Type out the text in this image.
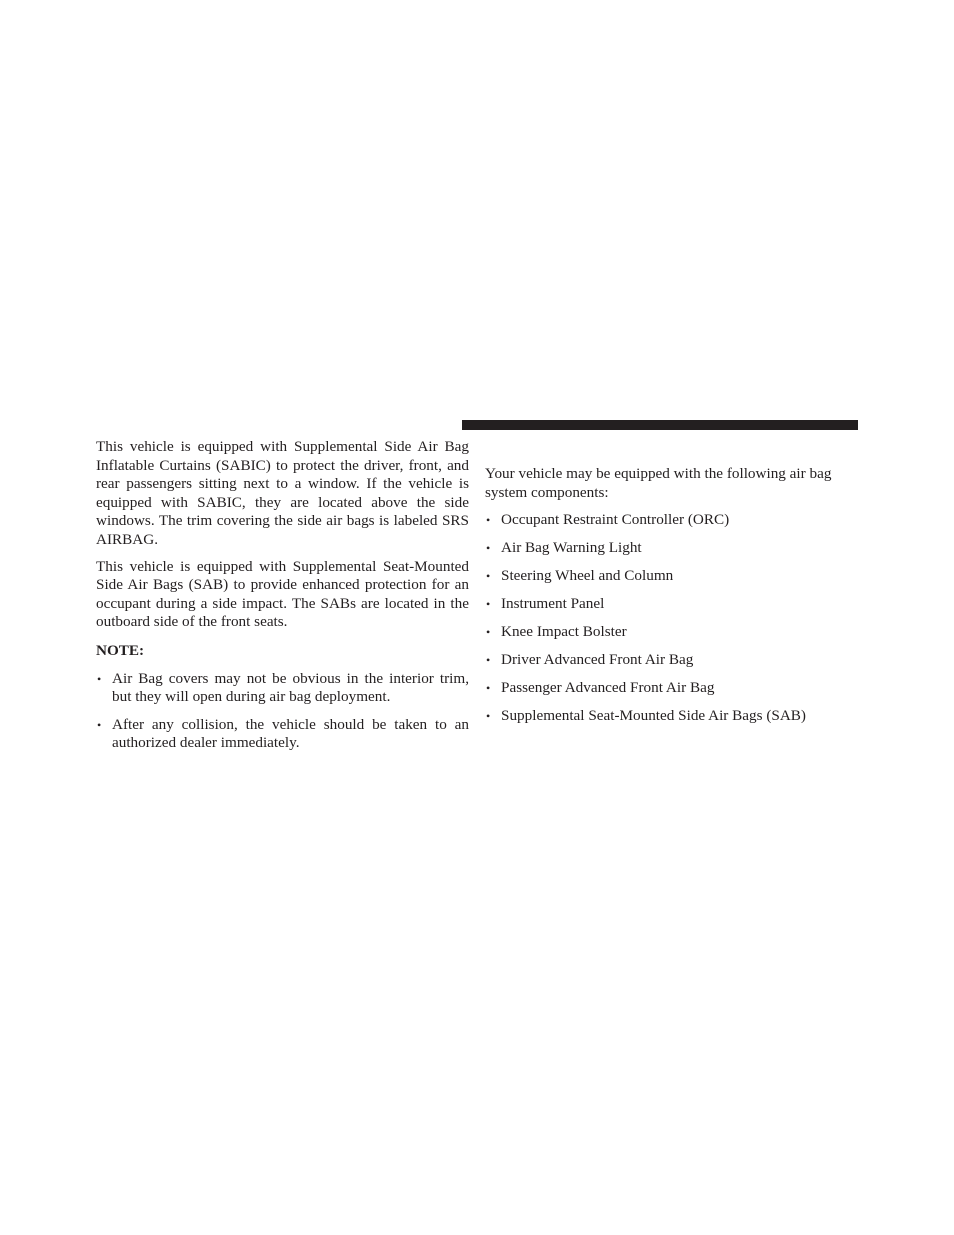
This vehicle is equipped with Supplemental Side Air Bag Inflatable Curtains (SABIC) to protect the driver, front, and rear passengers sitting next to a window. If the vehicle is equipped with SABIC, they are located above the side windows. The trim covering the side air bags is labeled SRS AIRBAG.

This vehicle is equipped with Supplemental Seat-Mounted Side Air Bags (SAB) to provide enhanced protection for an occupant during a side impact. The SABs are located in the outboard side of the front seats.

NOTE:

• Air Bag covers may not be obvious in the interior trim, but they will open during air bag deployment.
• After any collision, the vehicle should be taken to an authorized dealer immediately.

Your vehicle may be equipped with the following air bag system components:

• Occupant Restraint Controller (ORC)
• Air Bag Warning Light
• Steering Wheel and Column
• Instrument Panel
• Knee Impact Bolster
• Driver Advanced Front Air Bag
• Passenger Advanced Front Air Bag
• Supplemental Seat-Mounted Side Air Bags (SAB)
